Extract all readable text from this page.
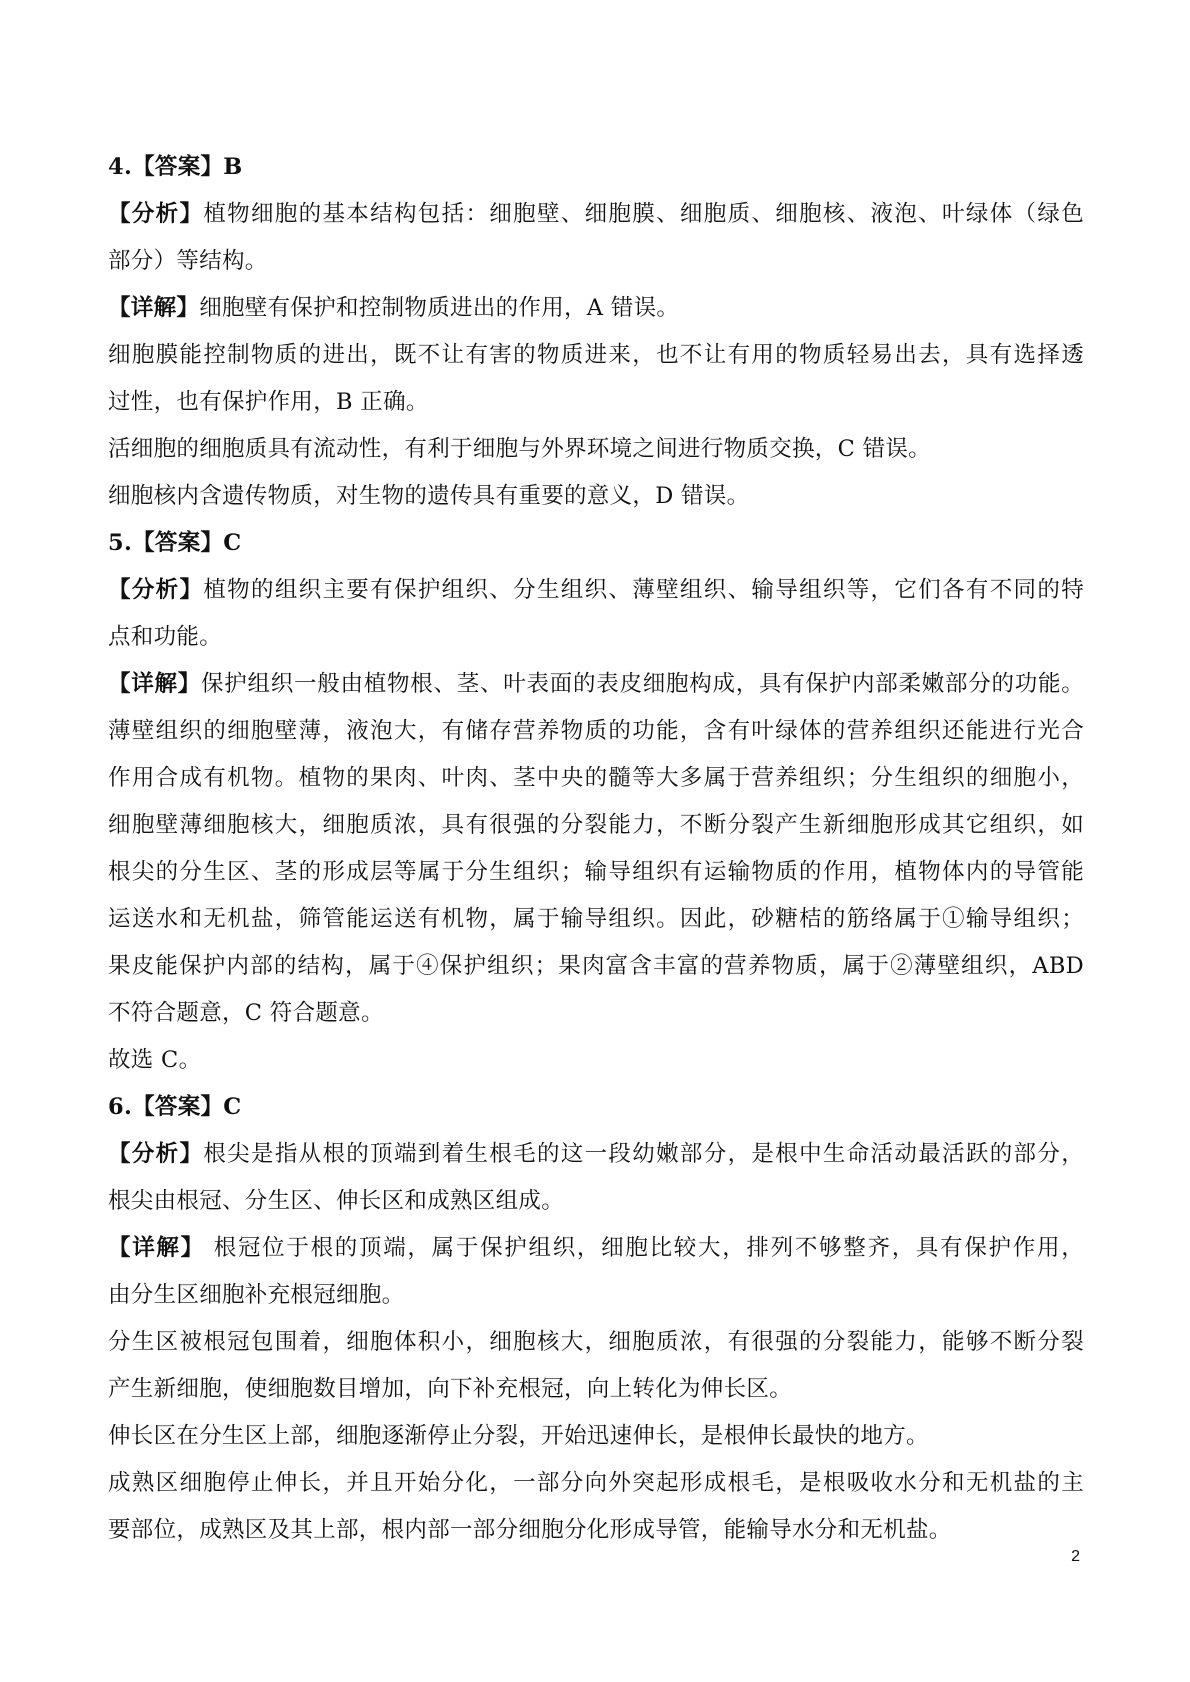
4.【答案】B
【分析】植物细胞的基本结构包括：细胞壁、细胞膜、细胞质、细胞核、液泡、叶绿体（绿色
部分）等结构。
【详解】细胞壁有保护和控制物质进出的作用，A 错误。
细胞膜能控制物质的进出，既不让有害的物质进来，也不让有用的物质轻易出去，具有选择透
过性，也有保护作用，B 正确。
活细胞的细胞质具有流动性，有利于细胞与外界环境之间进行物质交换，C 错误。
细胞核内含遗传物质，对生物的遗传具有重要的意义，D 错误。
5.【答案】C
【分析】植物的组织主要有保护组织、分生组织、薄壁组织、输导组织等，它们各有不同的特
点和功能。
【详解】保护组织一般由植物根、茎、叶表面的表皮细胞构成，具有保护内部柔嫩部分的功能。
薄壁组织的细胞壁薄，液泡大，有储存营养物质的功能，含有叶绿体的营养组织还能进行光合
作用合成有机物。植物的果肉、叶肉、茎中央的髓等大多属于营养组织；分生组织的细胞小，
细胞壁薄细胞核大，细胞质浓，具有很强的分裂能力，不断分裂产生新细胞形成其它组织，如
根尖的分生区、茎的形成层等属于分生组织；输导组织有运输物质的作用，植物体内的导管能
运送水和无机盐，筛管能运送有机物，属于输导组织。因此，砂糖桔的筋络属于①输导组织；
果皮能保护内部的结构，属于④保护组织；果肉富含丰富的营养物质，属于②薄壁组织，ABD
不符合题意，C 符合题意。
故选 C。
6.【答案】C
【分析】根尖是指从根的顶端到着生根毛的这一段幼嫩部分，是根中生命活动最活跃的部分，
根尖由根冠、分生区、伸长区和成熟区组成。
【详解】 根冠位于根的顶端，属于保护组织，细胞比较大，排列不够整齐，具有保护作用，
由分生区细胞补充根冠细胞。
分生区被根冠包围着，细胞体积小，细胞核大，细胞质浓，有很强的分裂能力，能够不断分裂
产生新细胞，使细胞数目增加，向下补充根冠，向上转化为伸长区。
伸长区在分生区上部，细胞逐渐停止分裂，开始迅速伸长，是根伸长最快的地方。
成熟区细胞停止伸长，并且开始分化，一部分向外突起形成根毛，是根吸收水分和无机盐的主
要部位，成熟区及其上部，根内部一部分细胞分化形成导管，能输导水分和无机盐。
2
